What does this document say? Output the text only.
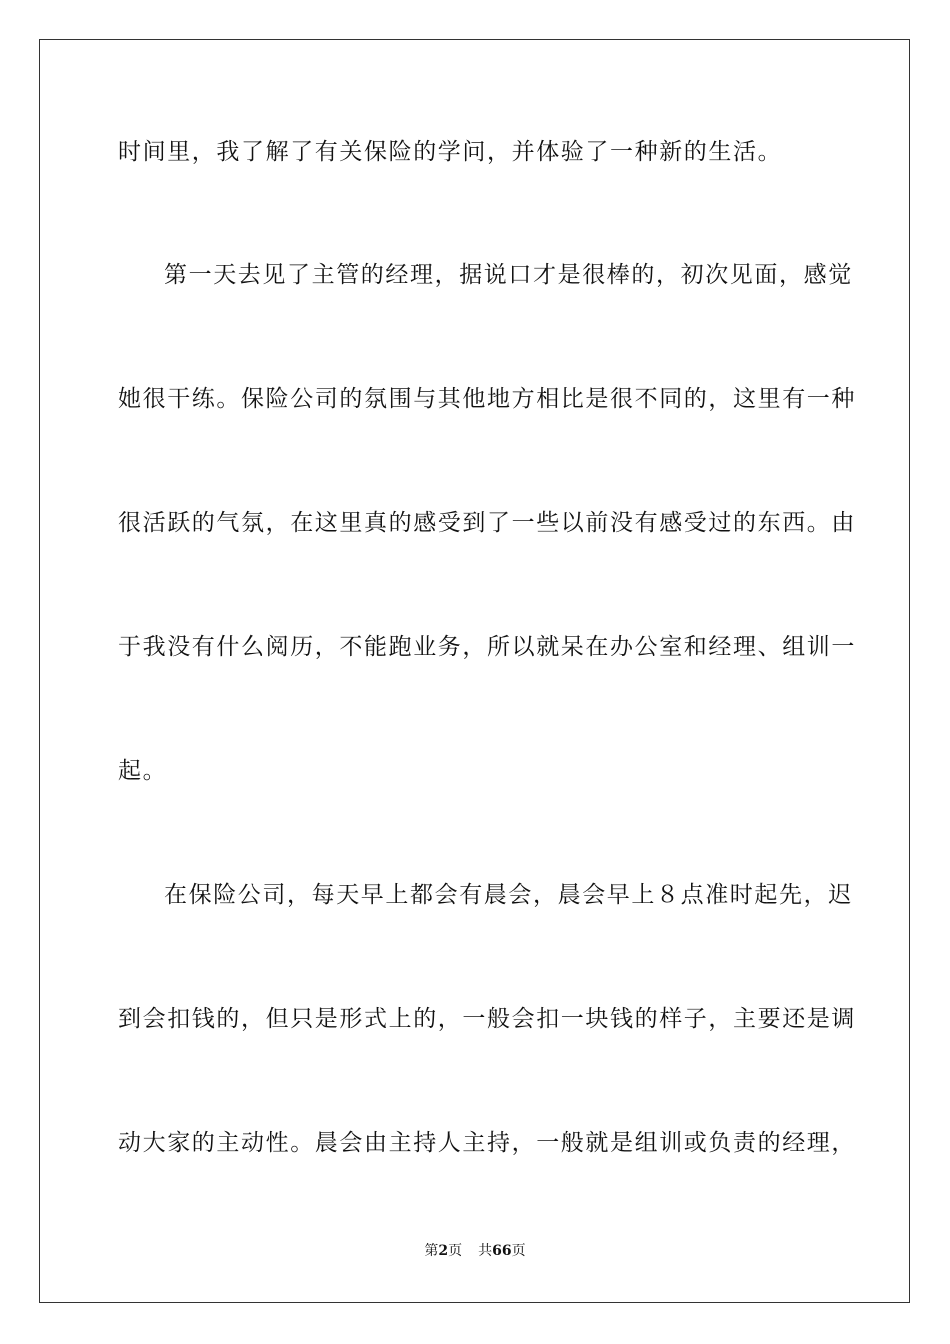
时间里，我了解了有关保险的学问，并体验了一种新的生活。
第一天去见了主管的经理，据说口才是很棒的，初次见面，感觉
她很干练。保险公司的氛围与其他地方相比是很不同的，这里有一种
很活跃的气氛，在这里真的感受到了一些以前没有感受过的东西。由
于我没有什么阅历，不能跑业务，所以就呆在办公室和经理、组训一
起。
在保险公司，每天早上都会有晨会，晨会早上８点准时起先，迟
到会扣钱的，但只是形式上的，一般会扣一块钱的样子，主要还是调
动大家的主动性。晨会由主持人主持，一般就是组训或负责的经理，
第2页 共66页
